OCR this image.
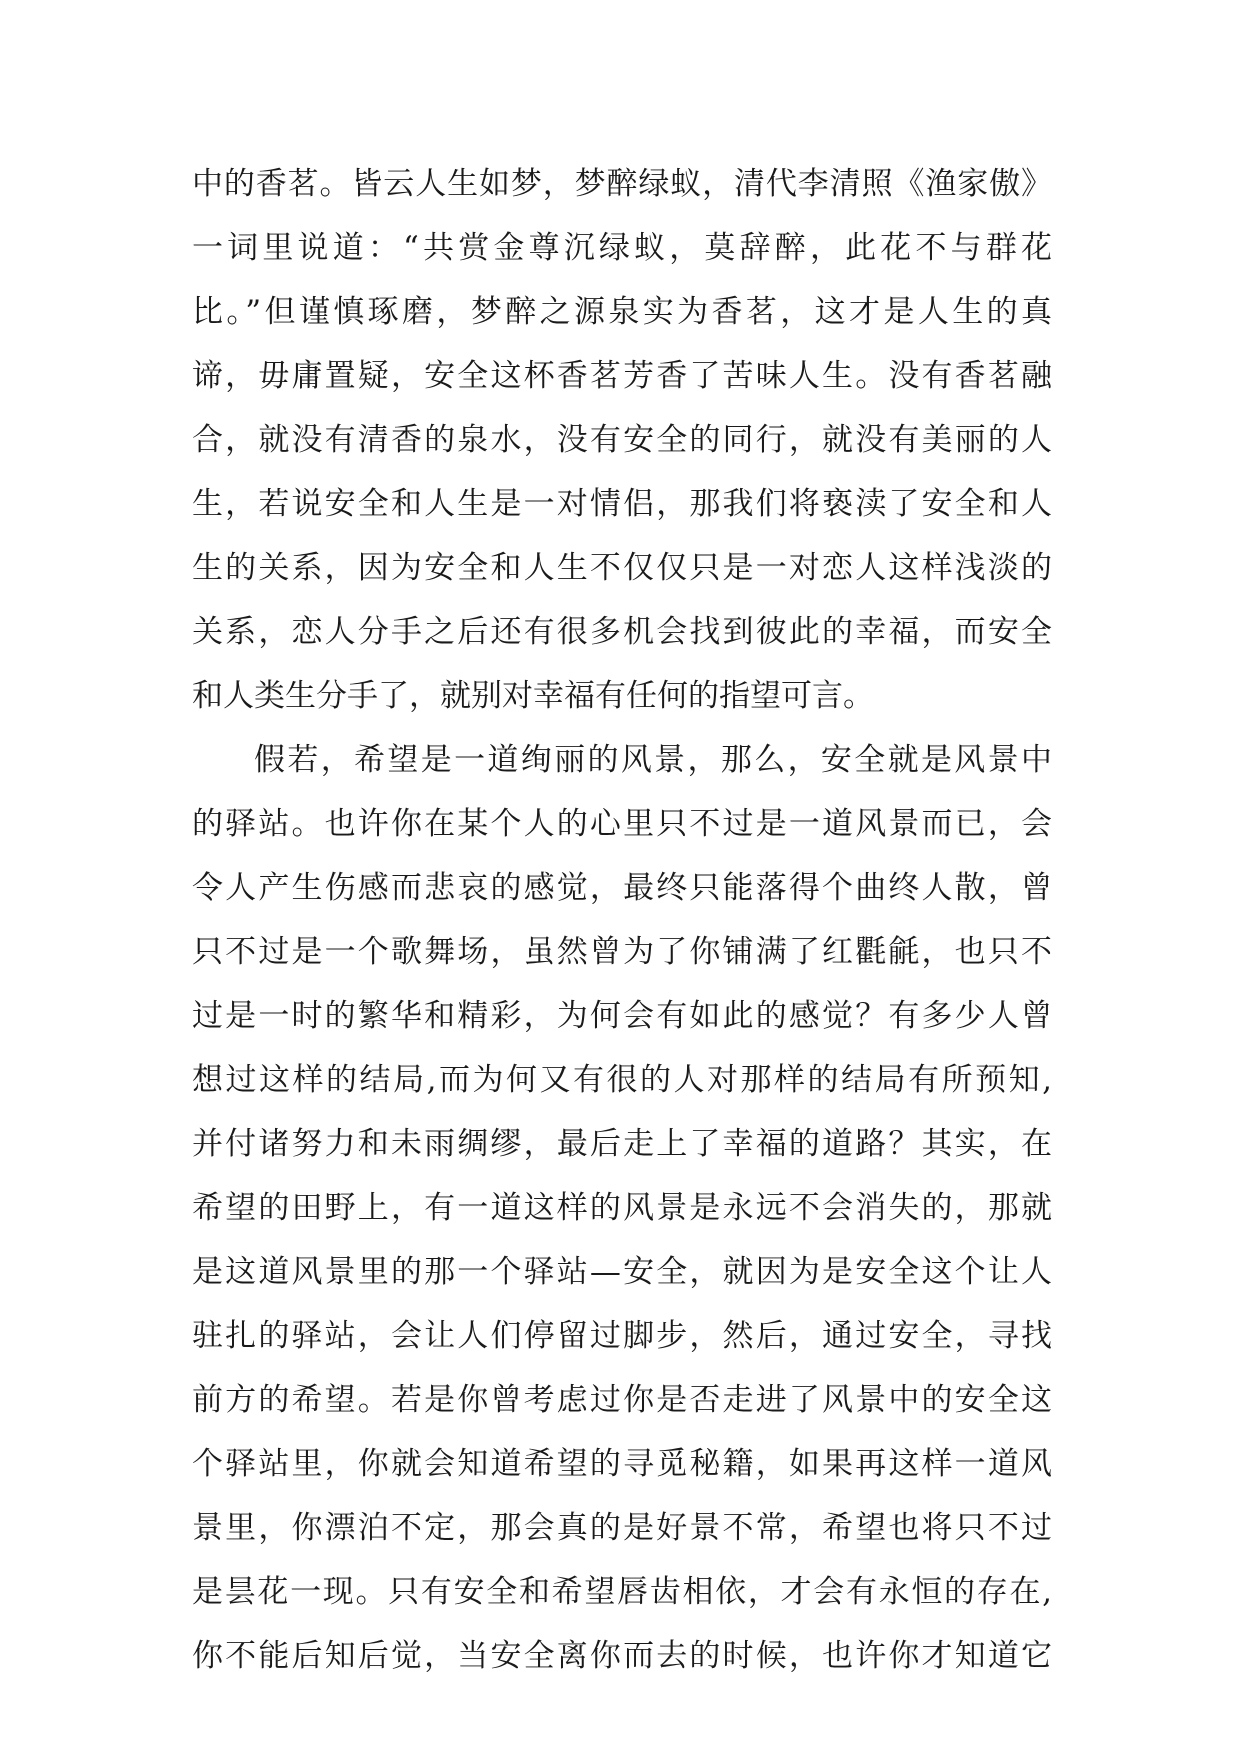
中的香茗。皆云人生如梦，梦醉绿蚁，清代李清照《渔家傲》
一词里说道：“共赏金尊沉绿蚁，莫辞醉，此花不与群花
比。”但谨慎琢磨，梦醉之源泉实为香茗，这才是人生的真
谛，毋庸置疑，安全这杯香茗芳香了苦味人生。没有香茗融
合，就没有清香的泉水，没有安全的同行，就没有美丽的人
生，若说安全和人生是一对情侣，那我们将亵渎了安全和人
生的关系，因为安全和人生不仅仅只是一对恋人这样浅淡的
关系，恋人分手之后还有很多机会找到彼此的幸福，而安全
和人类生分手了，就别对幸福有任何的指望可言。
假若，希望是一道绚丽的风景，那么，安全就是风景中
的驿站。也许你在某个人的心里只不过是一道风景而已，会
令人产生伤感而悲哀的感觉，最终只能落得个曲终人散，曾
只不过是一个歌舞场，虽然曾为了你铺满了红氍毹，也只不
过是一时的繁华和精彩，为何会有如此的感觉？有多少人曾
想过这样的结局,而为何又有很的人对那样的结局有所预知,
并付诸努力和未雨绸缪，最后走上了幸福的道路？其实，在
希望的田野上，有一道这样的风景是永远不会消失的，那就
是这道风景里的那一个驿站—安全，就因为是安全这个让人
驻扎的驿站，会让人们停留过脚步，然后，通过安全，寻找
前方的希望。若是你曾考虑过你是否走进了风景中的安全这
个驿站里，你就会知道希望的寻觅秘籍，如果再这样一道风
景里，你漂泊不定，那会真的是好景不常，希望也将只不过
是昙花一现。只有安全和希望唇齿相依，才会有永恒的存在,
你不能后知后觉，当安全离你而去的时候，也许你才知道它
